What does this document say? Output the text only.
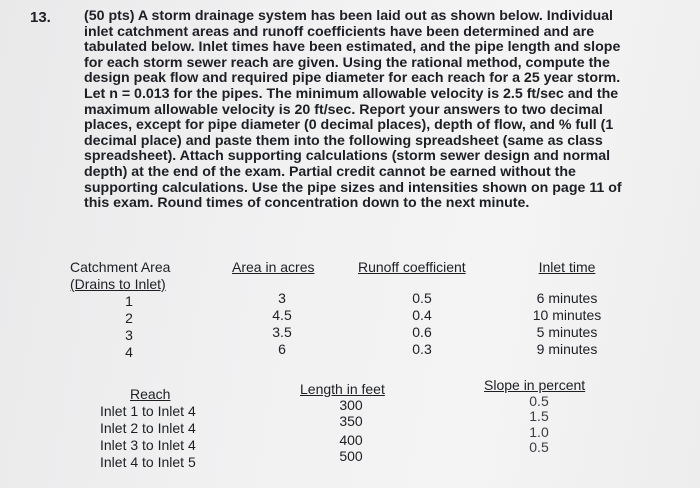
13. (50 pts) A storm drainage system has been laid out as shown below. Individual
inlet catchment areas and runoff coefficients have been determined and are
tabulated below. Inlet times have been estimated, and the pipe length and slope
for each storm sewer reach are given. Using the rational method, compute the
design peak flow and required pipe diameter for each reach for a 25 year storm.
Let n = 0.013 for the pipes. The minimum allowable velocity is 2.5 ft/sec and the
maximum allowable velocity is 20 ft/sec. Report your answers to two decimal
places, except for pipe diameter (0 decimal places), depth of flow, and % full (1
decimal place) and paste them into the following spreadsheet (same as class
spreadsheet). Attach supporting calculations (storm sewer design and normal
depth) at the end of the exam. Partial credit cannot be earned without the
supporting calculations. Use the pipe sizes and intensities shown on page 11 of
this exam. Round times of concentration down to the next minute.
Catchment Area
(Drains to Inlet)
1
2
3
4
Area in acres
3
4.5
3.5
6
Runoff coefficient
0.5
0.4
0.6
0.3
Inlet time
6 minutes
10 minutes
5 minutes
9 minutes
Reach
Inlet 1 to Inlet 4
Inlet 2 to Inlet 4
Inlet 3 to Inlet 4
Inlet 4 to Inlet 5
Length in feet
300
350
400
500
Slope in percent
0.5
1.5
1.0
0.5
